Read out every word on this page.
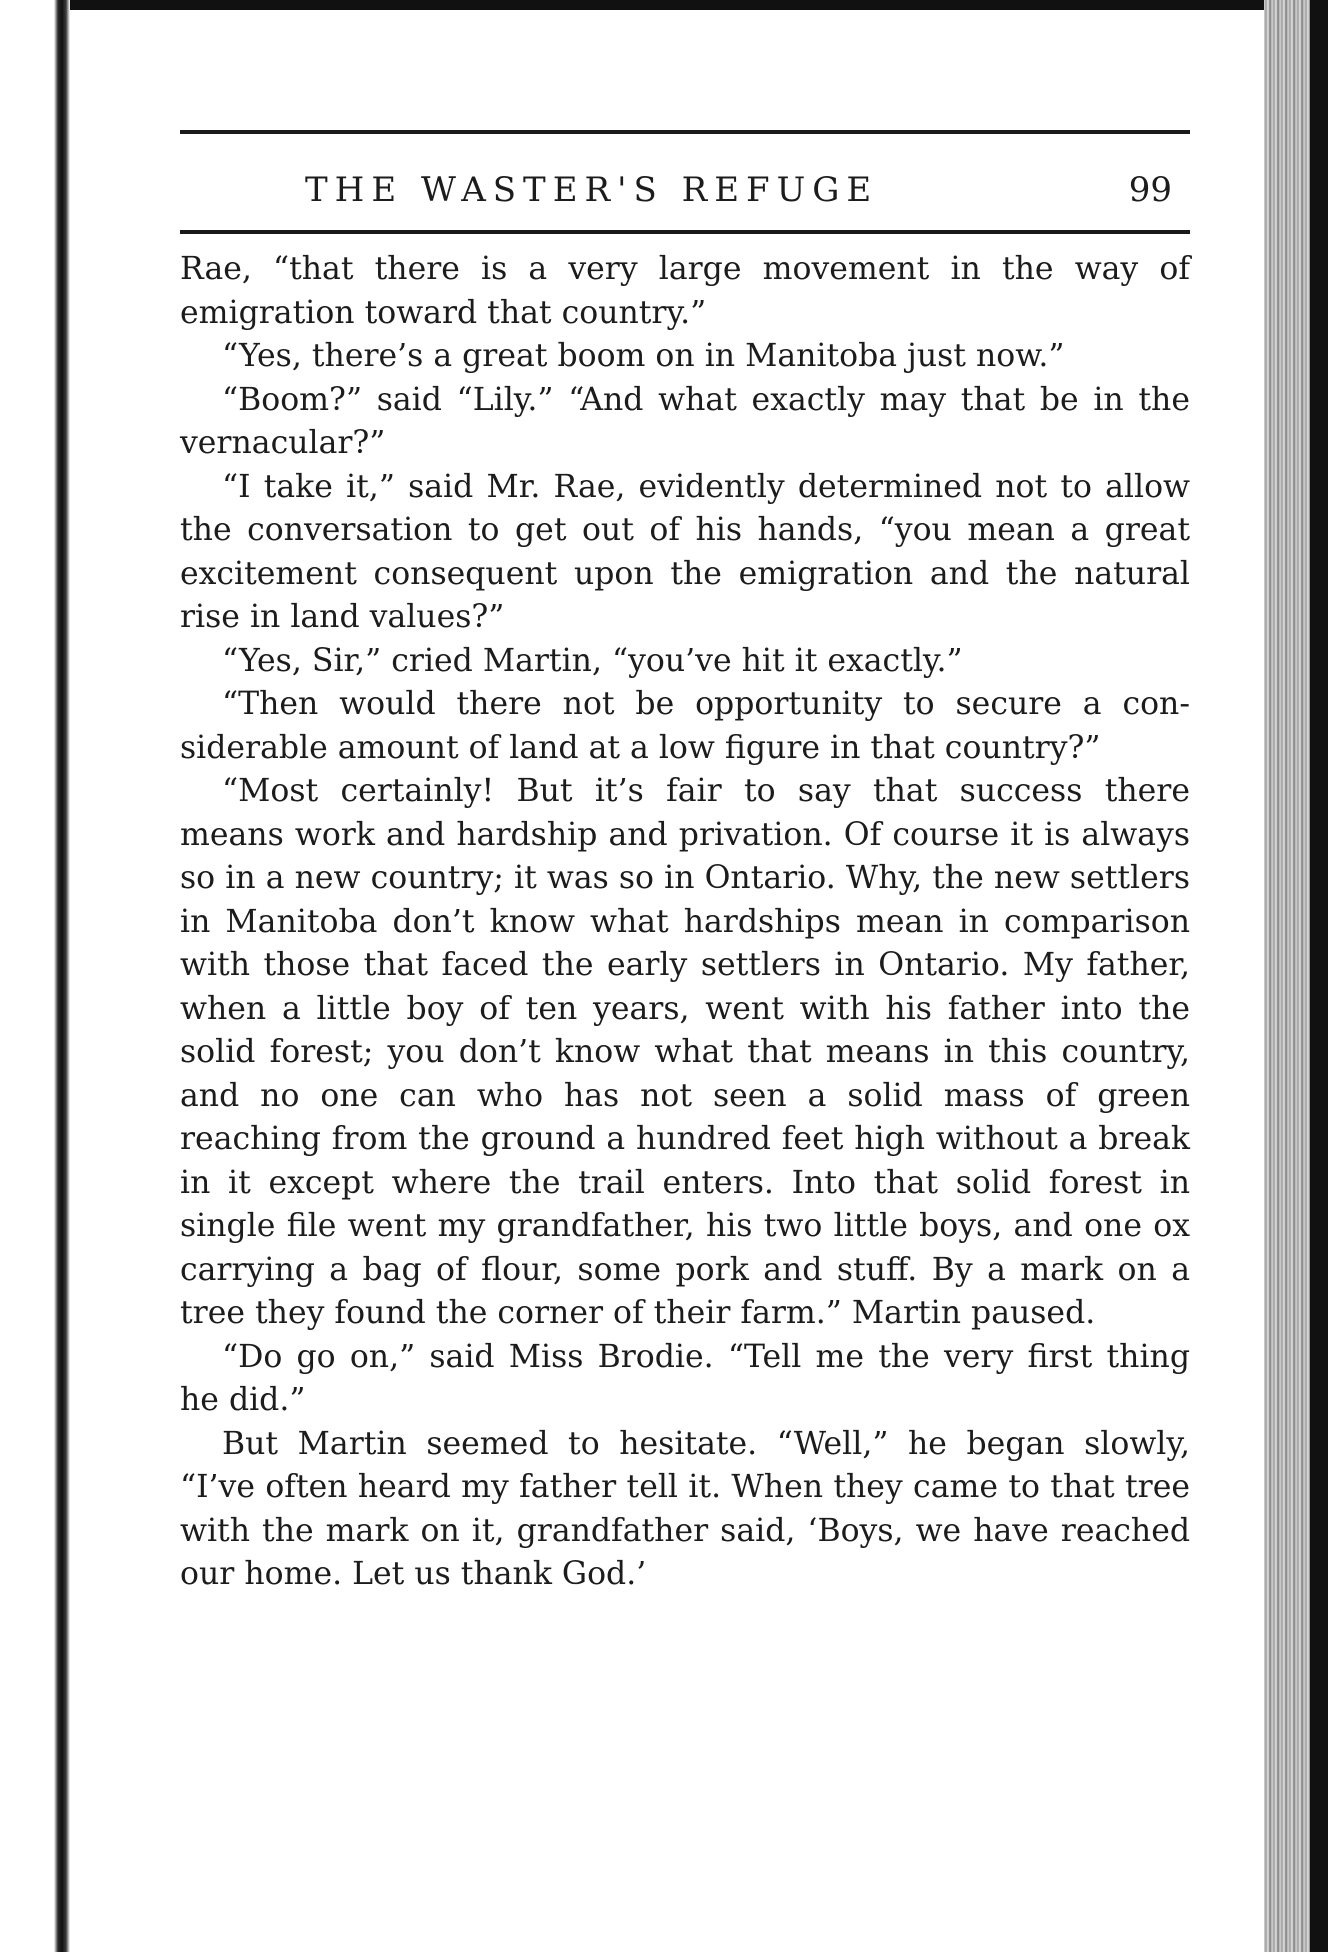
THE WASTER'S REFUGE	99

Rae, “that there is a very large movement in the way of emigration toward that country.”

“Yes, there’s a great boom on in Manitoba just now.”

“Boom?” said “Lily.” “And what exactly may that be in the vernacular?”

“I take it,” said Mr. Rae, evidently determined not to allow the conversation to get out of his hands, “you mean a great excitement consequent upon the emigration and the natural rise in land values?”

“Yes, Sir,” cried Martin, “you’ve hit it exactly.”

“Then would there not be opportunity to secure a considerable amount of land at a low figure in that country?”

“Most certainly! But it’s fair to say that success there means work and hardship and privation. Of course it is always so in a new country; it was so in Ontario. Why, the new settlers in Manitoba don’t know what hardships mean in comparison with those that faced the early settlers in Ontario. My father, when a little boy of ten years, went with his father into the solid forest; you don’t know what that means in this country, and no one can who has not seen a solid mass of green reaching from the ground a hundred feet high without a break in it except where the trail enters. Into that solid forest in single file went my grandfather, his two little boys, and one ox carrying a bag of flour, some pork and stuff. By a mark on a tree they found the corner of their farm.” Martin paused.

“Do go on,” said Miss Brodie. “Tell me the very first thing he did.”

But Martin seemed to hesitate. “Well,” he began slowly, “I’ve often heard my father tell it. When they came to that tree with the mark on it, grandfather said, ‘Boys, we have reached our home. Let us thank God.’
